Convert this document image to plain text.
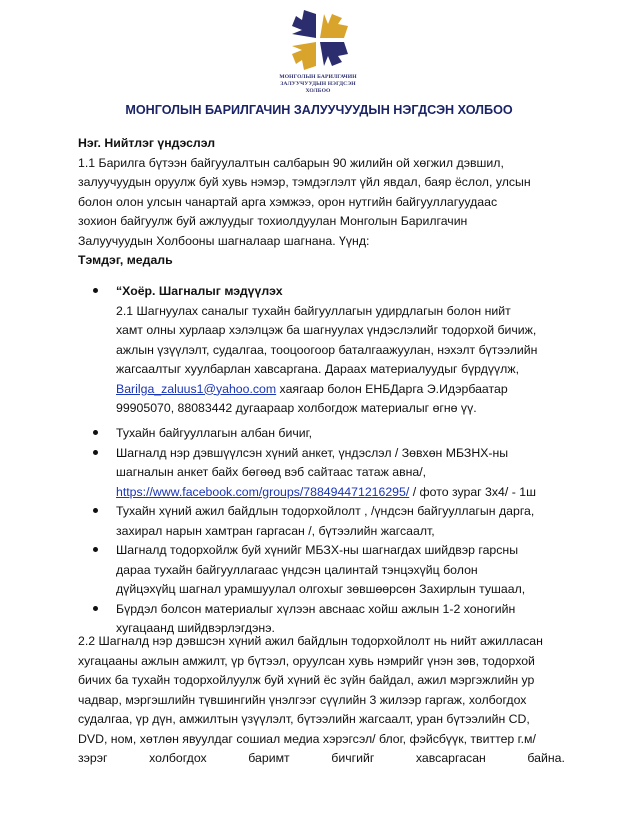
МОНГОЛЫН БАРИЛГАЧИН
ЗАЛУУЧУУДЫН НЭГДСЭН
ХОЛБОО
МОНГОЛЫН БАРИЛГАЧИН ЗАЛУУЧУУДЫН НЭГДСЭН ХОЛБОО
Нэг. Нийтлэг үндэслэл
1.1 Барилга бүтээн байгуулалтын салбарын 90 жилийн ой хөгжил дэвшил,
залуучуудын оруулж буй хувь нэмэр, тэмдэглэлт үйл явдал, баяр ёслол, улсын
болон олон улсын чанартай арга хэмжээ, орон нутгийн байгууллагуудаас
зохион байгуулж буй ажлуудыг тохиолдуулан Монголын Барилгачин
Залуучуудын Холбооны шагналаар шагнана. Үүнд:
Тэмдэг, медаль
“Хоёр. Шагналыг мэдүүлэх
2.1 Шагнуулах саналыг тухайн байгууллагын удирдлагын болон нийт
хамт олны хурлаар хэлэлцэж ба шагнуулах үндэслэлийг тодорхой бичиж,
ажлын үзүүлэлт, судалгаа, тооцоогоор баталгаажуулан, нэхэлт бүтээлийн
жагсаалтыг хуулбарлан хавсаргана. Дараах материалуудыг бүрдүүлж,
Barilga_zaluus1@yahoo.com хаягаар болон ЕНБДарга Э.Идэрбаатар
99905070, 88083442 дугаараар холбогдож материалыг өгнө үү.
Тухайн байгууллагын албан бичиг,
Шагналд нэр дэвшүүлсэн хүний анкет, үндэслэл / Зөвхөн МБЗНХ-ны
шагналын анкет байх бөгөөд вэб сайтаас татаж авна/,
https://www.facebook.com/groups/788494471216295/ / фото зураг 3х4/ - 1ш
Тухайн хүний ажил байдлын тодорхойлолт , /үндсэн байгууллагын дарга,
захирал нарын хамтран гаргасан /, бүтээлийн жагсаалт,
Шагналд тодорхойлж буй хүнийг МБЗХ-ны шагнагдах шийдвэр гарсны
дараа тухайн байгууллагаас үндсэн цалинтай тэнцэхүйц болон
дүйцэхүйц шагнал урамшуулал олгохыг зөвшөөрсөн Захирлын тушаал,
Бүрдэл болсон материалыг хүлээн авснаас хойш ажлын 1-2 хоногийн
хугацаанд шийдвэрлэгдэнэ.
2.2 Шагналд нэр дэвшсэн хүний ажил байдлын тодорхойлолт нь нийт ажилласан
хугацааны ажлын амжилт, үр бүтээл, оруулсан хувь нэмрийг үнэн зөв, тодорхой
бичих ба тухайн тодорхойлуулж буй хүний ёс зүйн байдал, ажил мэргэжлийн ур
чадвар, мэргэшлийн түвшингийн үнэлгээг сүүлийн 3 жилээр гаргаж, холбогдох
судалгаа, үр дүн, амжилтын үзүүлэлт, бүтээлийн жагсаалт, уран бүтээлийн CD,
DVD, ном, хөтлөн явуулдаг сошиал медиа хэрэгсэл/ блог, фэйсбүүк, твиттер г.м/
зэрэг	холбогдох	баримт	бичгийг	хавсаргасан	байна.
